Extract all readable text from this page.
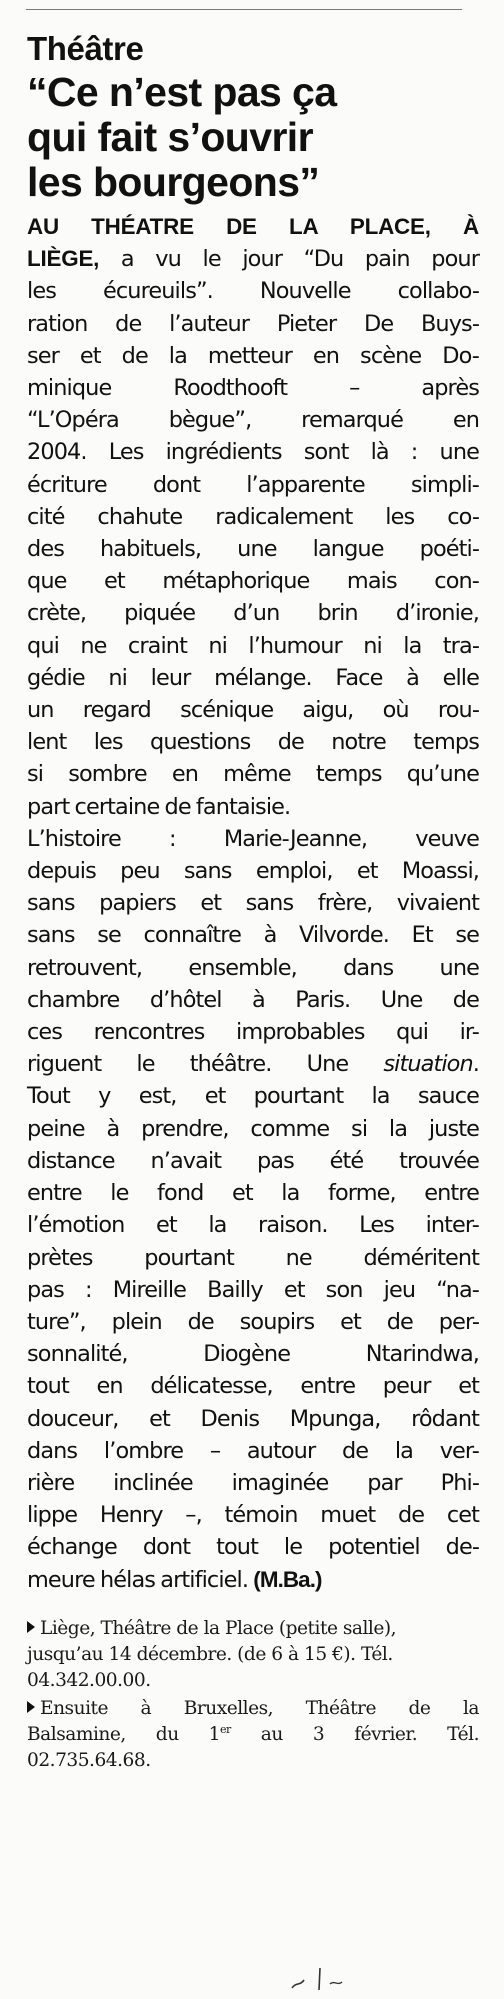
Théâtre
“Ce n’est pas ça
qui fait s’ouvrir
les bourgeons”

AU THÉATRE DE LA PLACE, À
LIÈGE, a vu le jour “Du pain pour
les écureuils”. Nouvelle collabo-
ration de l’auteur Pieter De Buys-
ser et de la metteur en scène Do-
minique Roodthooft – après
“L’Opéra bègue”, remarqué en
2004. Les ingrédients sont là : une
écriture dont l’apparente simpli-
cité chahute radicalement les co-
des habituels, une langue poéti-
que et métaphorique mais con-
crète, piquée d’un brin d’ironie,
qui ne craint ni l’humour ni la tra-
gédie ni leur mélange. Face à elle
un regard scénique aigu, où rou-
lent les questions de notre temps
si sombre en même temps qu’une
part certaine de fantaisie.

L’histoire : Marie-Jeanne, veuve
depuis peu sans emploi, et Moassi,
sans papiers et sans frère, vivaient
sans se connaître à Vilvorde. Et se
retrouvent, ensemble, dans une
chambre d’hôtel à Paris. Une de
ces rencontres improbables qui ir-
riguent le théâtre. Une situation.
Tout y est, et pourtant la sauce
peine à prendre, comme si la juste
distance n’avait pas été trouvée
entre le fond et la forme, entre
l’émotion et la raison. Les inter-
prètes pourtant ne déméritent
pas : Mireille Bailly et son jeu “na-
ture”, plein de soupirs et de per-
sonnalité, Diogène Ntarindwa,
tout en délicatesse, entre peur et
douceur, et Denis Mpunga, rôdant
dans l’ombre – autour de la ver-
rière inclinée imaginée par Phi-
lippe Henry –, témoin muet de cet
échange dont tout le potentiel de-
meure hélas artificiel. (M.Ba.)

Liège, Théâtre de la Place (petite salle),
jusqu’au 14 décembre. (de 6 à 15 €). Tél.
04.342.00.00.
Ensuite à Bruxelles, Théâtre de la
Balsamine, du 1er au 3 février. Tél.
02.735.64.68.
